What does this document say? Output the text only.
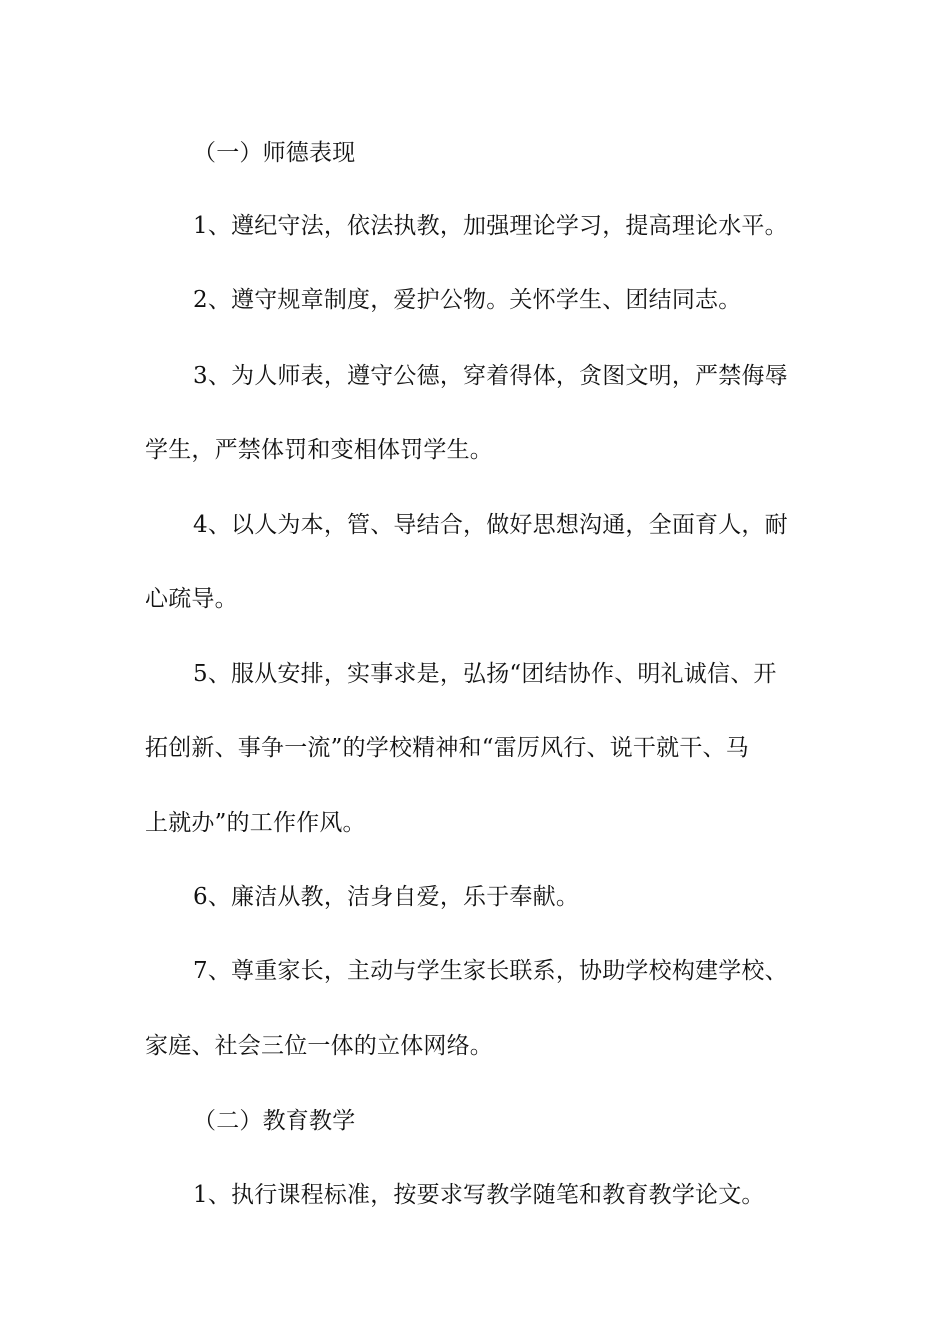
（一）师德表现
1、遵纪守法，依法执教，加强理论学习，提高理论水平。
2、遵守规章制度，爱护公物。关怀学生、团结同志。
3、为人师表，遵守公德，穿着得体，贪图文明，严禁侮辱
学生，严禁体罚和变相体罚学生。
4、以人为本，管、导结合，做好思想沟通，全面育人，耐
心疏导。
5、服从安排，实事求是，弘扬“团结协作、明礼诚信、开
拓创新、事争一流”的学校精神和“雷厉风行、说干就干、马
上就办”的工作作风。
6、廉洁从教，洁身自爱，乐于奉献。
7、尊重家长，主动与学生家长联系，协助学校构建学校、
家庭、社会三位一体的立体网络。
（二）教育教学
1、执行课程标准，按要求写教学随笔和教育教学论文。
